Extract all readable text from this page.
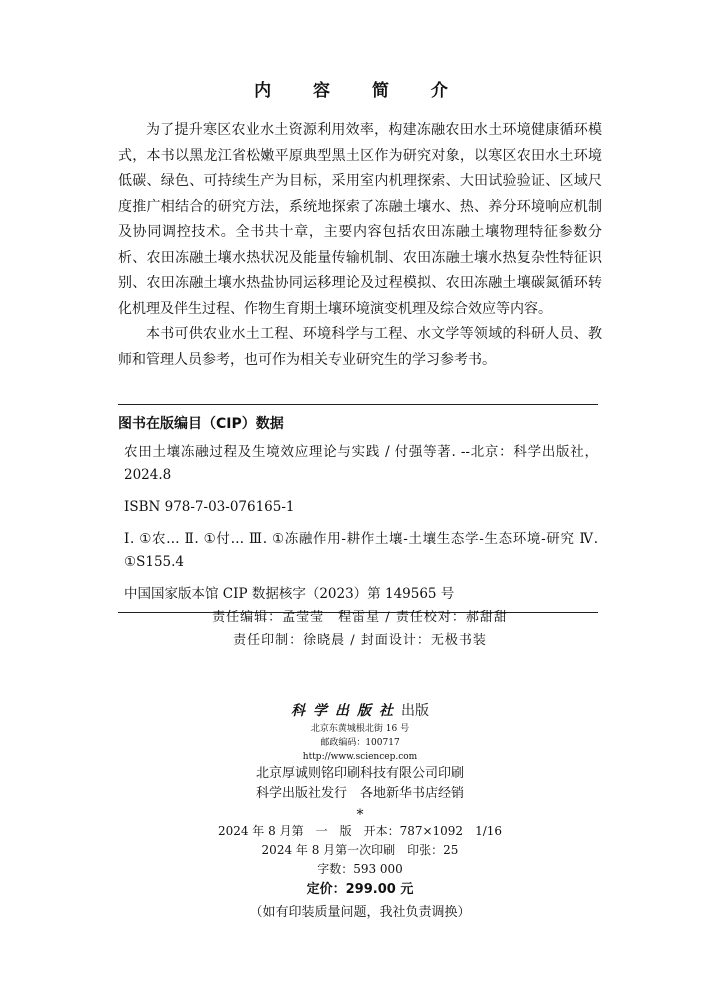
内 容 简 介

为了提升寒区农业水土资源利用效率，构建冻融农田水土环境健康循环模式，本书以黑龙江省松嫩平原典型黑土区作为研究对象，以寒区农田水土环境低碳、绿色、可持续生产为目标，采用室内机理探索、大田试验验证、区域尺度推广相结合的研究方法，系统地探索了冻融土壤水、热、养分环境响应机制及协同调控技术。全书共十章，主要内容包括农田冻融土壤物理特征参数分析、农田冻融土壤水热状况及能量传输机制、农田冻融土壤水热复杂性特征识别、农田冻融土壤水热盐协同运移理论及过程模拟、农田冻融土壤碳氮循环转化机理及伴生过程、作物生育期土壤环境演变机理及综合效应等内容。

本书可供农业水土工程、环境科学与工程、水文学等领域的科研人员、教师和管理人员参考，也可作为相关专业研究生的学习参考书。

图书在版编目（CIP）数据

农田土壤冻融过程及生境效应理论与实践 / 付强等著. --北京：科学出版社，2024.8

ISBN 978-7-03-076165-1

Ⅰ. ①农… Ⅱ. ①付… Ⅲ. ①冻融作用-耕作土壤-土壤生态学-生态环境-研究 Ⅳ. ①S155.4

中国国家版本馆 CIP 数据核字（2023）第 149565 号

责任编辑：孟莹莹　程雷星 / 责任校对：郝甜甜
责任印制：徐晓晨 / 封面设计：无极书装
科学出版社出版
北京东黄城根北街 16 号
邮政编码：100717
http://www.sciencep.com
北京厚诚则铭印刷科技有限公司印刷
科学出版社发行　各地新华书店经销
*
2024 年 8 月第　一　版　开本：787×1092　1/16
2024 年 8 月第一次印刷　印张：25
字数：593 000
定价：299.00 元
（如有印装质量问题，我社负责调换）
